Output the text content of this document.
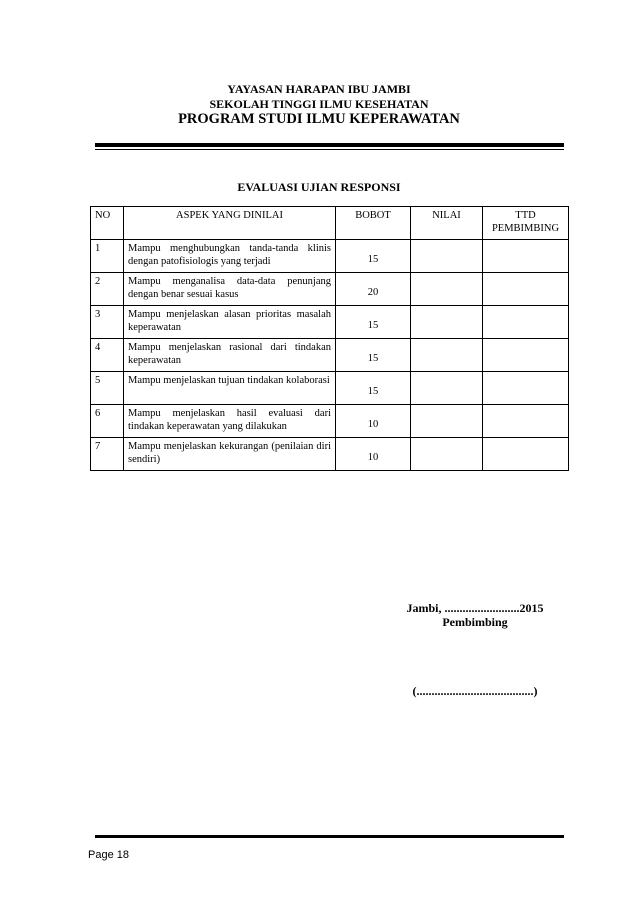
YAYASAN HARAPAN IBU JAMBI
SEKOLAH TINGGI ILMU KESEHATAN
PROGRAM STUDI ILMU KEPERAWATAN
EVALUASI UJIAN RESPONSI
NO	ASPEK YANG DINILAI	BOBOT	NILAI	TTD PEMBIMBING
1	Mampu menghubungkan tanda-tanda klinis dengan patofisiologis yang terjadi	15		
2	Mampu menganalisa data-data penunjang dengan benar sesuai kasus	20		
3	Mampu menjelaskan alasan prioritas masalah keperawatan	15		
4	Mampu menjelaskan rasional dari tindakan keperawatan	15		
5	Mampu menjelaskan tujuan tindakan kolaborasi	15		
6	Mampu menjelaskan hasil evaluasi dari tindakan keperawatan yang dilakukan	10		
7	Mampu menjelaskan kekurangan (penilaian diri sendiri)	10		
Jambi, .........................2015
Pembimbing
(.......................................)
Page 18
